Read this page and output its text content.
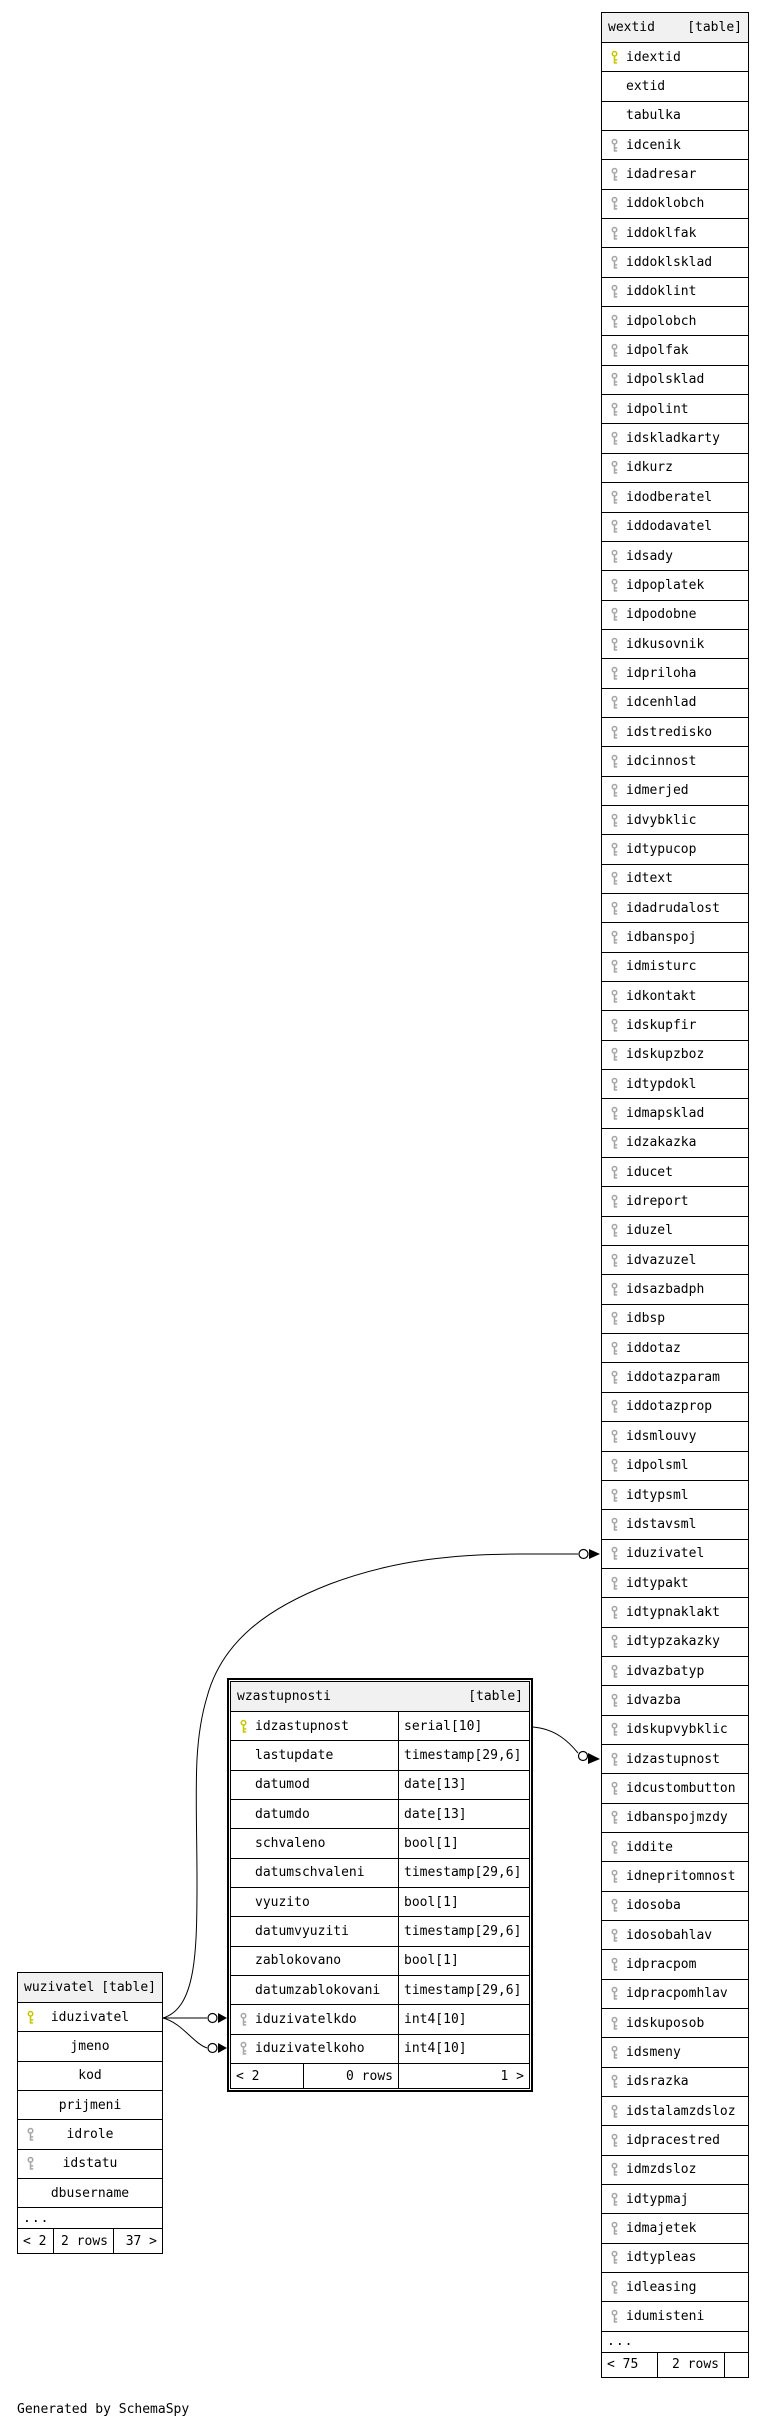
wextid [table]
idextid
extid
tabulka
idcenik
idadresar
iddoklobch
iddoklfak
iddoklsklad
iddoklint
idpolobch
idpolfak
idpolsklad
idpolint
idskladkarty
idkurz
idodberatel
iddodavatel
idsady
idpoplatek
idpodobne
idkusovnik
idpriloha
idcenhlad
idstredisko
idcinnost
idmerjed
idvybklic
idtypucop
idtext
idadrudalost
idbanspoj
idmisturc
idkontakt
idskupfir
idskupzboz
idtypdokl
idmapsklad
idzakazka
iducet
idreport
iduzel
idvazuzel
idsazbadph
idbsp
iddotaz
iddotazparam
iddotazprop
idsmlouvy
idpolsml
idtypsml
idstavsml
iduzivatel
idtypakt
idtypnaklakt
idtypzakazky
idvazbatyp
idvazba
idskupvybklic
idzastupnost
idcustombutton
idbanspojmzdy
iddite
idnepritomnost
idosoba
idosobahlav
idpracpom
idpracpomhlav
idskuposob
idsmeny
idsrazka
idstalamzdsloz
idpracestred
idmzdsloz
idtypmaj
idmajetek
idtypleas
idleasing
idumisteni
...
< 75	2 rows
wzastupnosti	[table]
idzastupnost	serial[10]
lastupdate	timestamp[29,6]
datumod	date[13]
datumdo	date[13]
schvaleno	bool[1]
datumschvaleni	timestamp[29,6]
vyuzito	bool[1]
datumvyuziti	timestamp[29,6]
zablokovano	bool[1]
datumzablokovani	timestamp[29,6]
iduzivatelkdo	int4[10]
iduzivatelkoho	int4[10]
< 2	0 rows	1 >
wuzivatel [table]
iduzivatel
jmeno
kod
prijmeni
idrole
idstatu
dbusername
...
< 2	2 rows	37 >
Generated by SchemaSpy
